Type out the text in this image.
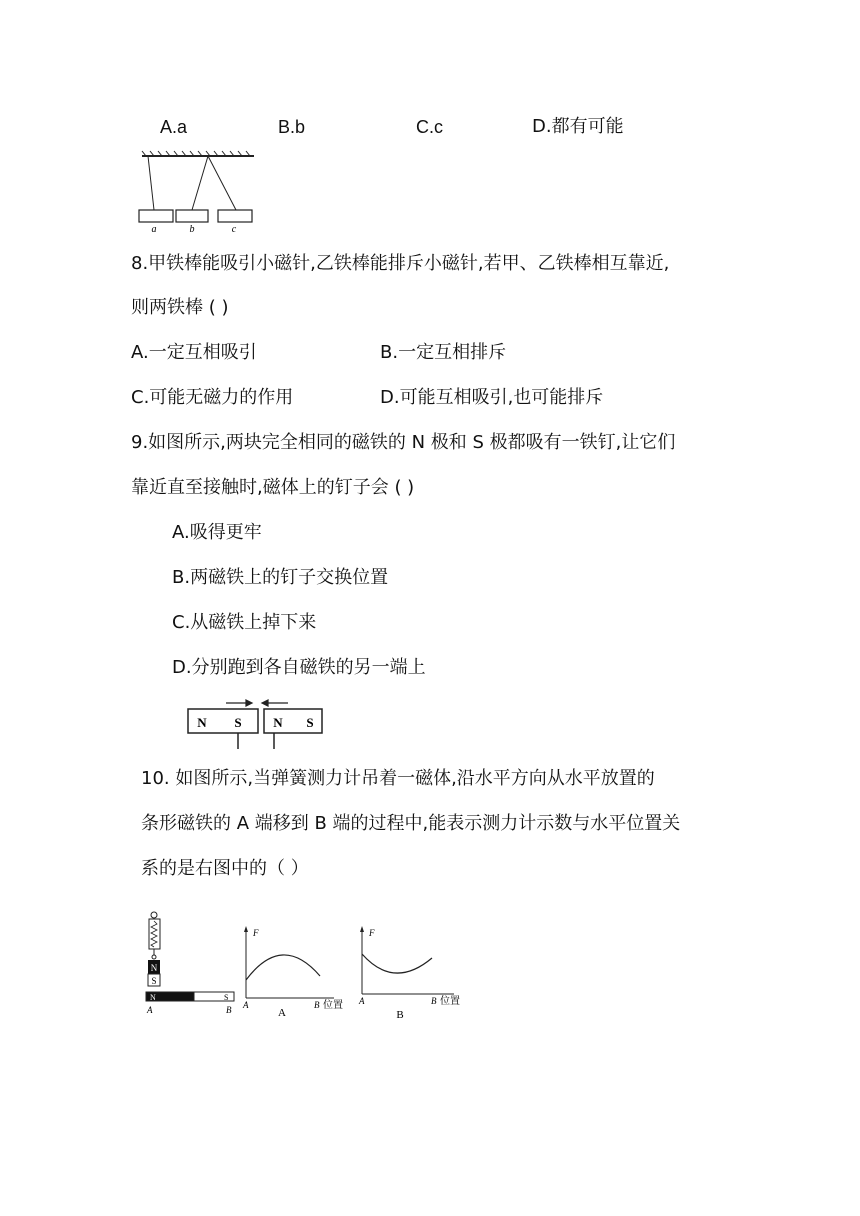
A.a	B.b	C.c	D.都有可能
a	b	c
8.甲铁棒能吸引小磁针,乙铁棒能排斥小磁针,若甲、乙铁棒相互靠近,
则两铁棒 ( )
A.一定互相吸引	B.一定互相排斥
C.可能无磁力的作用	D.可能互相吸引,也可能排斥
9.如图所示,两块完全相同的磁铁的 N 极和 S 极都吸有一铁钉,让它们
靠近直至接触时,磁体上的钉子会 ( )
A.吸得更牢
B.两磁铁上的钉子交换位置
C.从磁铁上掉下来
D.分别跑到各自磁铁的另一端上
N S N S
10. 如图所示,当弹簧测力计吊着一磁体,沿水平方向从水平放置的
条形磁铁的 A 端移到 B 端的过程中,能表示测力计示数与水平位置关
系的是右图中的（ ）
N
S
N	S
A	B
F
A	B 位置
A
F
A	B 位置
B
